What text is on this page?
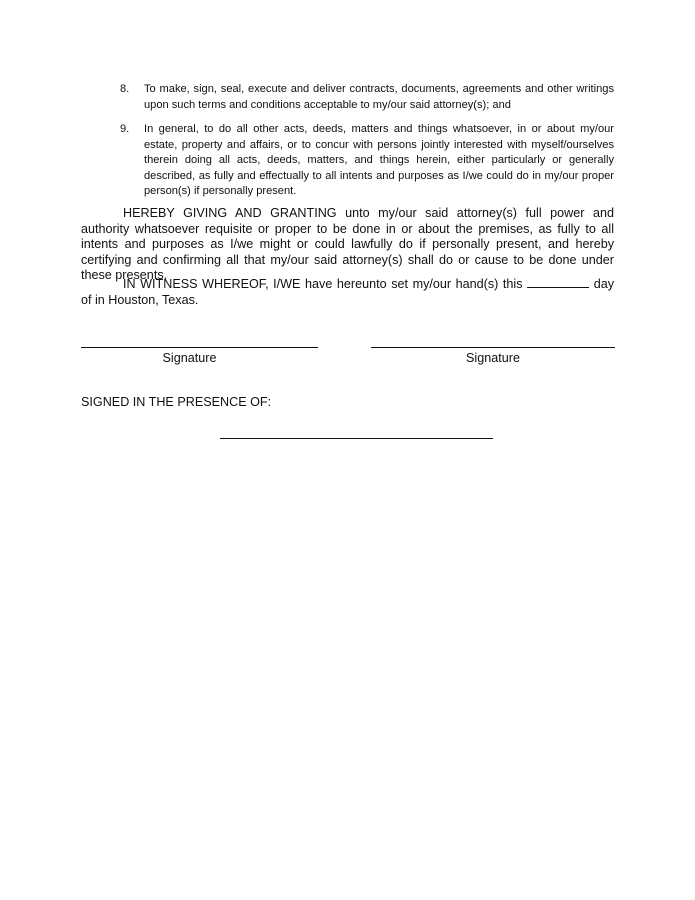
8. To make, sign, seal, execute and deliver contracts, documents, agreements and other writings upon such terms and conditions acceptable to my/our said attorney(s); and
9. In general, to do all other acts, deeds, matters and things whatsoever, in or about my/our estate, property and affairs, or to concur with persons jointly interested with myself/ourselves therein doing all acts, deeds, matters, and things herein, either particularly or generally described, as fully and effectually to all intents and purposes as I/we could do in my/our proper person(s) if personally present.
HEREBY GIVING AND GRANTING unto my/our said attorney(s) full power and authority whatsoever requisite or proper to be done in or about the premises, as fully to all intents and purposes as I/we might or could lawfully do if personally present, and hereby certifying and confirming all that my/our said attorney(s) shall do or cause to be done under these presents.
IN WITNESS WHEREOF, I/WE have hereunto set my/our hand(s) this	day of in Houston, Texas.
Signature	Signature
SIGNED IN THE PRESENCE OF:
